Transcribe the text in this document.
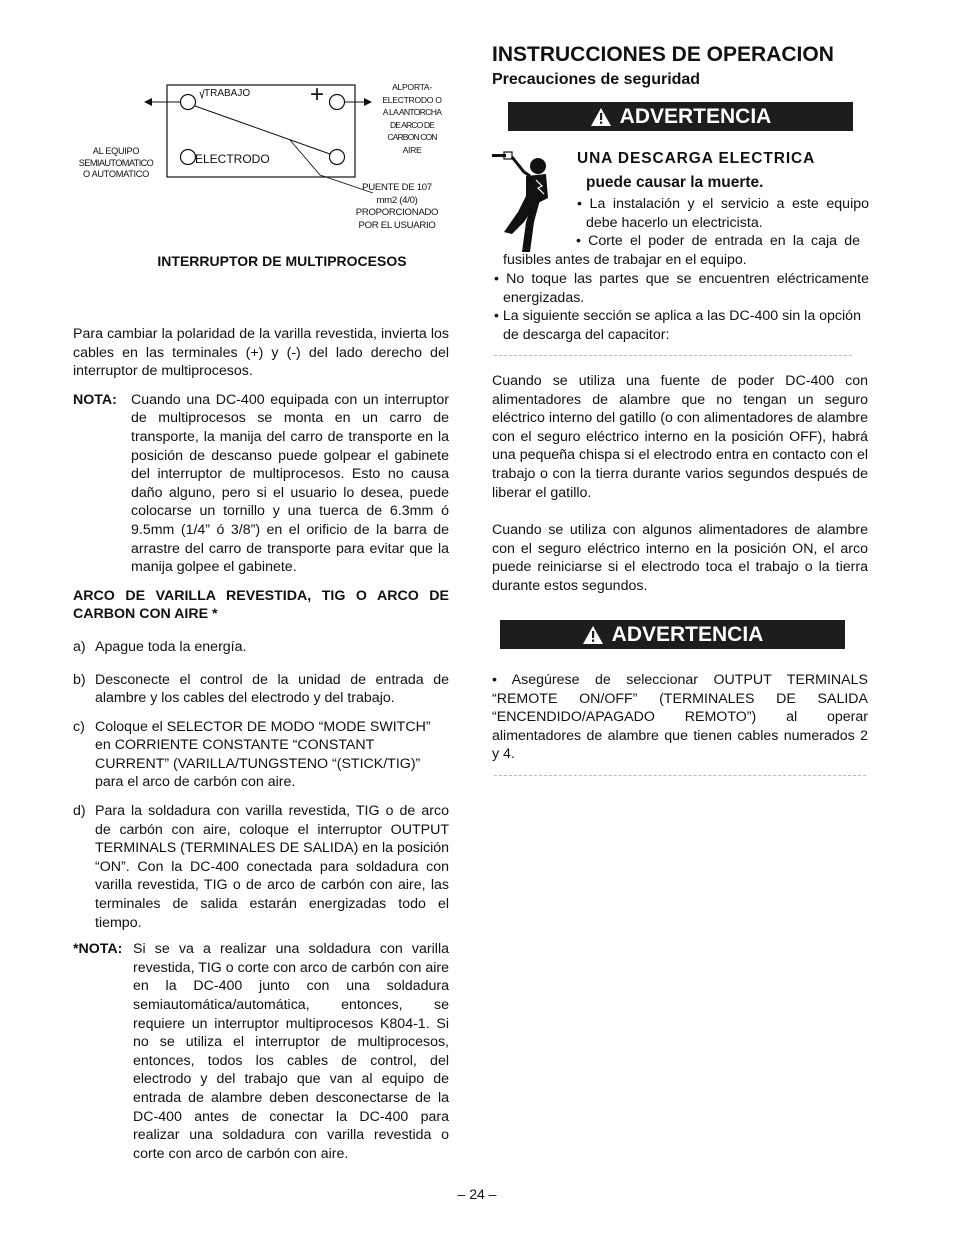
TRABAJO
ELECTRODO
+
AL EQUIPO
SEMIAUTOMATICO
O AUTOMATICO
ALPORTA-
ELECTRODO O
A LA ANTORCHA
DE ARCO DE
CARBON CON
AIRE
PUENTE DE 107
mm2 (4/0)
PROPORCIONADO
POR EL USUARIO
INTERRUPTOR DE MULTIPROCESOS

Para cambiar la polaridad de la varilla revestida, invierta los cables en las terminales (+) y (-) del lado derecho del interruptor de multiprocesos.

NOTA: Cuando una DC-400 equipada con un interruptor de multiprocesos se monta en un carro de transporte, la manija del carro de transporte en la posición de descanso puede golpear el gabinete del interruptor de multiprocesos. Esto no causa daño alguno, pero si el usuario lo desea, puede colocarse un tornillo y una tuerca de 6.3mm ó 9.5mm (1/4” ó 3/8”) en el orificio de la barra de arrastre del carro de transporte para evitar que la manija golpee el gabinete.

ARCO DE VARILLA REVESTIDA, TIG O ARCO DE CARBON CON AIRE *

a) Apague toda la energía.
b) Desconecte el control de la unidad de entrada de alambre y los cables del electrodo y del trabajo.
c) Coloque el SELECTOR DE MODO “MODE SWITCH” en CORRIENTE CONSTANTE “CONSTANT CURRENT” (VARILLA/TUNGSTENO “(STICK/TIG)” para el arco de carbón con aire.
d) Para la soldadura con varilla revestida, TIG o de arco de carbón con aire, coloque el interruptor OUTPUT TERMINALS (TERMINALES DE SALIDA) en la posición “ON”. Con la DC-400 conectada para soldadura con varilla revestida, TIG o de arco de carbón con aire, las terminales de salida estarán energizadas todo el tiempo.
*NOTA: Si se va a realizar una soldadura con varilla revestida, TIG o corte con arco de carbón con aire en la DC-400 junto con una soldadura semiautomática/automática, entonces, se requiere un interruptor multiprocesos K804-1. Si no se utiliza el interruptor de multiprocesos, entonces, todos los cables de control, del electrodo y del trabajo que van al equipo de entrada de alambre deben desconectarse de la DC-400 antes de conectar la DC-400 para realizar una soldadura con varilla revestida o corte con arco de carbón con aire.
INSTRUCCIONES DE OPERACION
Precauciones de seguridad
ADVERTENCIA
UNA DESCARGA ELECTRICA
puede causar la muerte.
• La instalación y el servicio a este equipo debe hacerlo un electricista.
• Corte el poder de entrada en la caja de fusibles antes de trabajar en el equipo.
• No toque las partes que se encuentren eléctricamente energizadas.
• La siguiente sección se aplica a las DC-400 sin la opción de descarga del capacitor:
Cuando se utiliza una fuente de poder DC-400 con alimentadores de alambre que no tengan un seguro eléctrico interno del gatillo (o con alimentadores de alambre con el seguro eléctrico interno en la posición OFF), habrá una pequeña chispa si el electrodo entra en contacto con el trabajo o con la tierra durante varios segundos después de liberar el gatillo.
Cuando se utiliza con algunos alimentadores de alambre con el seguro eléctrico interno en la posición ON, el arco puede reiniciarse si el electrodo toca el trabajo o la tierra durante estos segundos.
ADVERTENCIA
• Asegúrese de seleccionar OUTPUT TERMINALS “REMOTE ON/OFF” (TERMINALES DE SALIDA “ENCENDIDO/APAGADO REMOTO”) al operar alimentadores de alambre que tienen cables numerados 2 y 4.
– 24 –
